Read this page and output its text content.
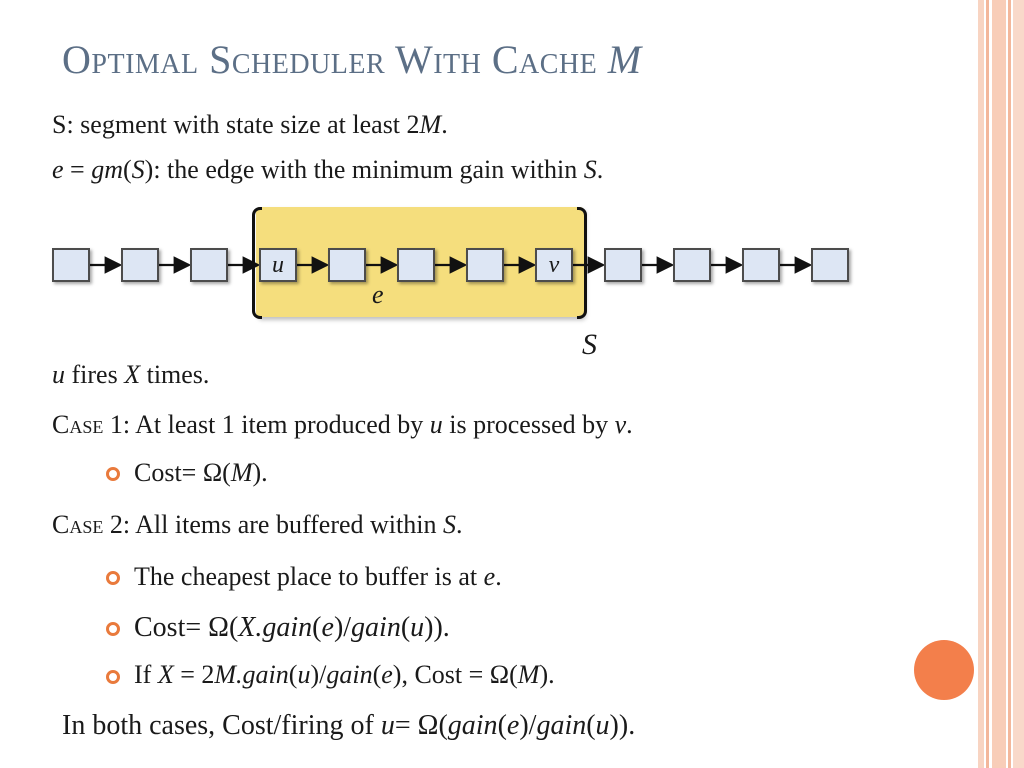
Optimal Scheduler With Cache M
S: segment with state size at least 2M.
e = gm(S): the edge with the minimum gain within S.
u	v
e
S
u fires X times.
Case 1: At least 1 item produced by u is processed by v.
Cost= Ω(M).
Case 2: All items are buffered within S.
The cheapest place to buffer is at e.
Cost= Ω(X.gain(e)/gain(u)).
If X = 2M.gain(u)/gain(e), Cost = Ω(M).
In both cases, Cost/firing of u= Ω(gain(e)/gain(u)).
